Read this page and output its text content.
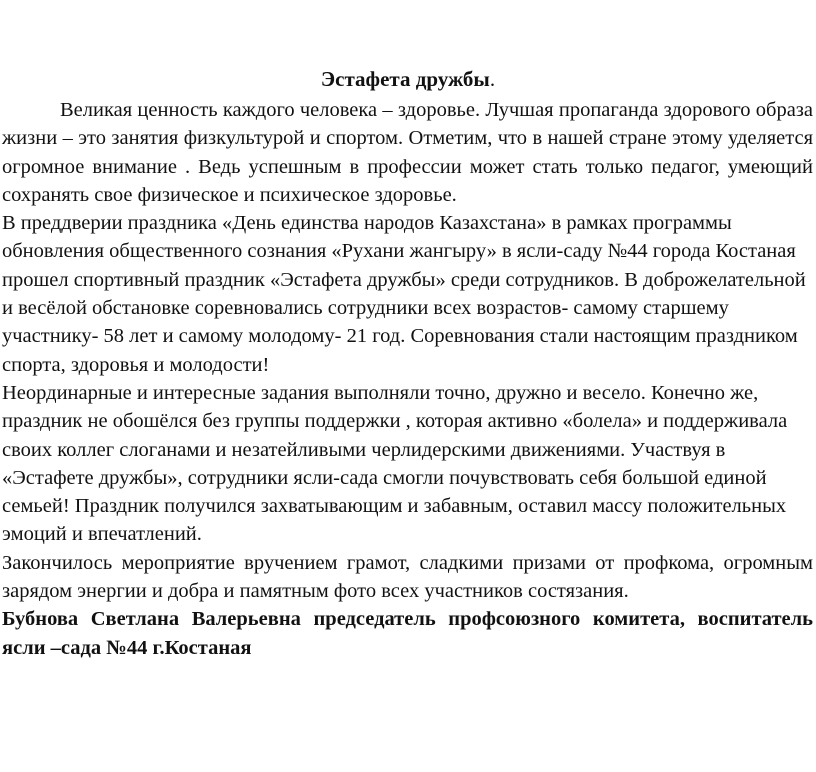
Эстафета дружбы.

Великая ценность каждого человека – здоровье. Лучшая пропаганда здорового образа жизни – это занятия физкультурой и спортом. Отметим, что в нашей стране этому уделяется огромное внимание . Ведь успешным в профессии может стать только педагог, умеющий сохранять свое физическое и психическое здоровье.

В преддверии праздника «День единства народов Казахстана» в рамках программы обновления общественного сознания «Рухани жангыру» в ясли-саду №44 города Костаная прошел спортивный праздник «Эстафета дружбы» среди сотрудников. В доброжелательной и весёлой обстановке соревновались сотрудники всех возрастов- самому старшему участнику- 58 лет и самому молодому- 21 год. Соревнования стали настоящим праздником спорта, здоровья и молодости!

Неординарные и интересные задания выполняли точно, дружно и весело. Конечно же, праздник не обошёлся без группы поддержки , которая активно «болела» и поддерживала своих коллег слоганами и незатейливыми черлидерскими движениями. Участвуя в «Эстафете дружбы», сотрудники ясли-сада смогли почувствовать себя большой единой семьей! Праздник получился захватывающим и забавным, оставил массу положительных эмоций и впечатлений.

Закончилось мероприятие вручением грамот, сладкими призами от профкома, огромным зарядом энергии и добра и памятным фото всех участников состязания.

Бубнова Светлана Валерьевна председатель профсоюзного комитета, воспитатель ясли –сада №44 г.Костаная
